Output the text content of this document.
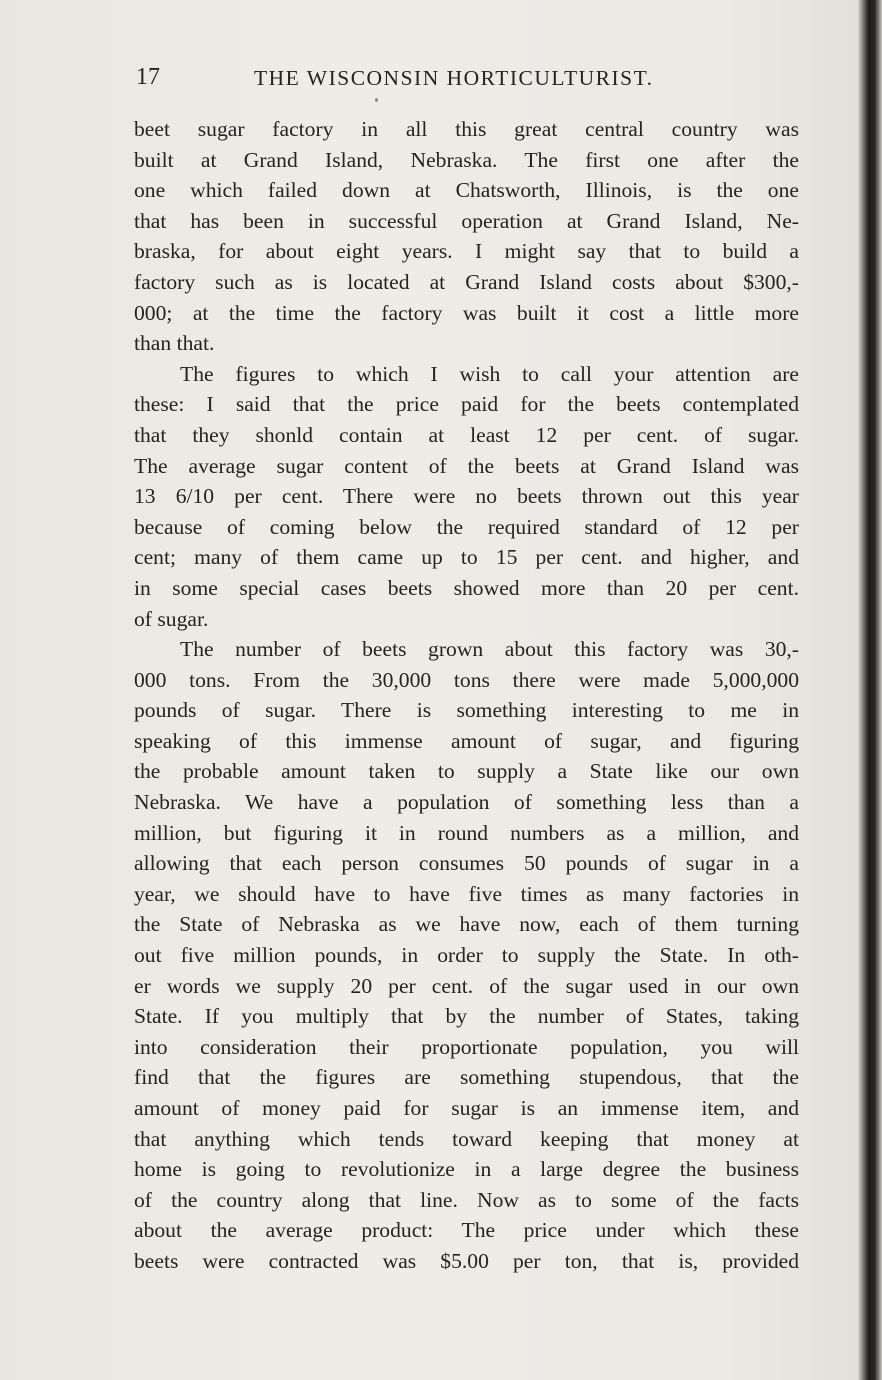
17	THE WISCONSIN HORTICULTURIST.
beet sugar factory in all this great central country was
built at Grand Island, Nebraska. The first one after the
one which failed down at Chatsworth, Illinois, is the one
that has been in successful operation at Grand Island, Ne-
braska, for about eight years. I might say that to build a
factory such as is located at Grand Island costs about $300,-
000; at the time the factory was built it cost a little more
than that.
The figures to which I wish to call your attention are
these: I said that the price paid for the beets contemplated
that they shonld contain at least 12 per cent. of sugar.
The average sugar content of the beets at Grand Island was
13 6/10 per cent. There were no beets thrown out this year
because of coming below the required standard of 12 per
cent; many of them came up to 15 per cent. and higher, and
in some special cases beets showed more than 20 per cent.
of sugar.
The number of beets grown about this factory was 30,-
000 tons. From the 30,000 tons there were made 5,000,000
pounds of sugar. There is something interesting to me in
speaking of this immense amount of sugar, and figuring
the probable amount taken to supply a State like our own
Nebraska. We have a population of something less than a
million, but figuring it in round numbers as a million, and
allowing that each person consumes 50 pounds of sugar in a
year, we should have to have five times as many factories in
the State of Nebraska as we have now, each of them turning
out five million pounds, in order to supply the State. In oth-
er words we supply 20 per cent. of the sugar used in our own
State. If you multiply that by the number of States, taking
into consideration their proportionate population, you will
find that the figures are something stupendous, that the
amount of money paid for sugar is an immense item, and
that anything which tends toward keeping that money at
home is going to revolutionize in a large degree the business
of the country along that line. Now as to some of the facts
about the average product: The price under which these
beets were contracted was $5.00 per ton, that is, provided
